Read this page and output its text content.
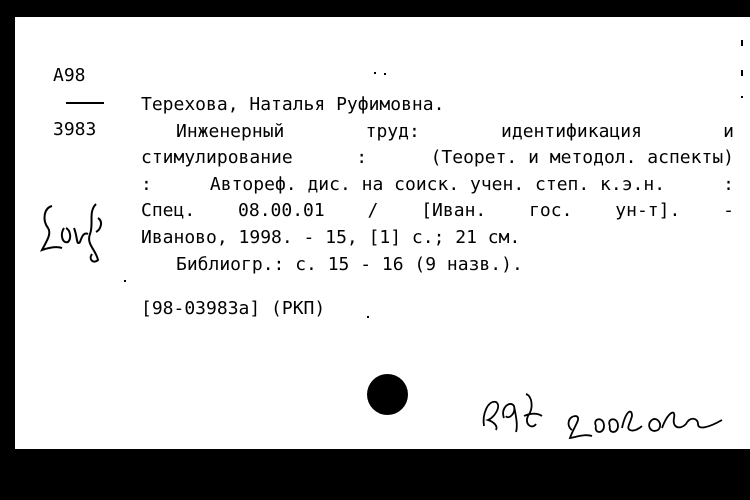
A98
3983
Терехова, Наталья Руфимовна.
Инженерный	труд:	идентификация	и
стимулирование	:	(Теорет. и методол. аспекты)
:	Автореф. дис. на соиск. учен. степ. к.э.н.	:
Спец. 08.00.01 / [Иван. гос. ун-т]. -
Иваново, 1998. - 15, [1] с.; 21 см.
Библиогр.: с. 15 - 16 (9 назв.).
[98-03983a] (РКП)
